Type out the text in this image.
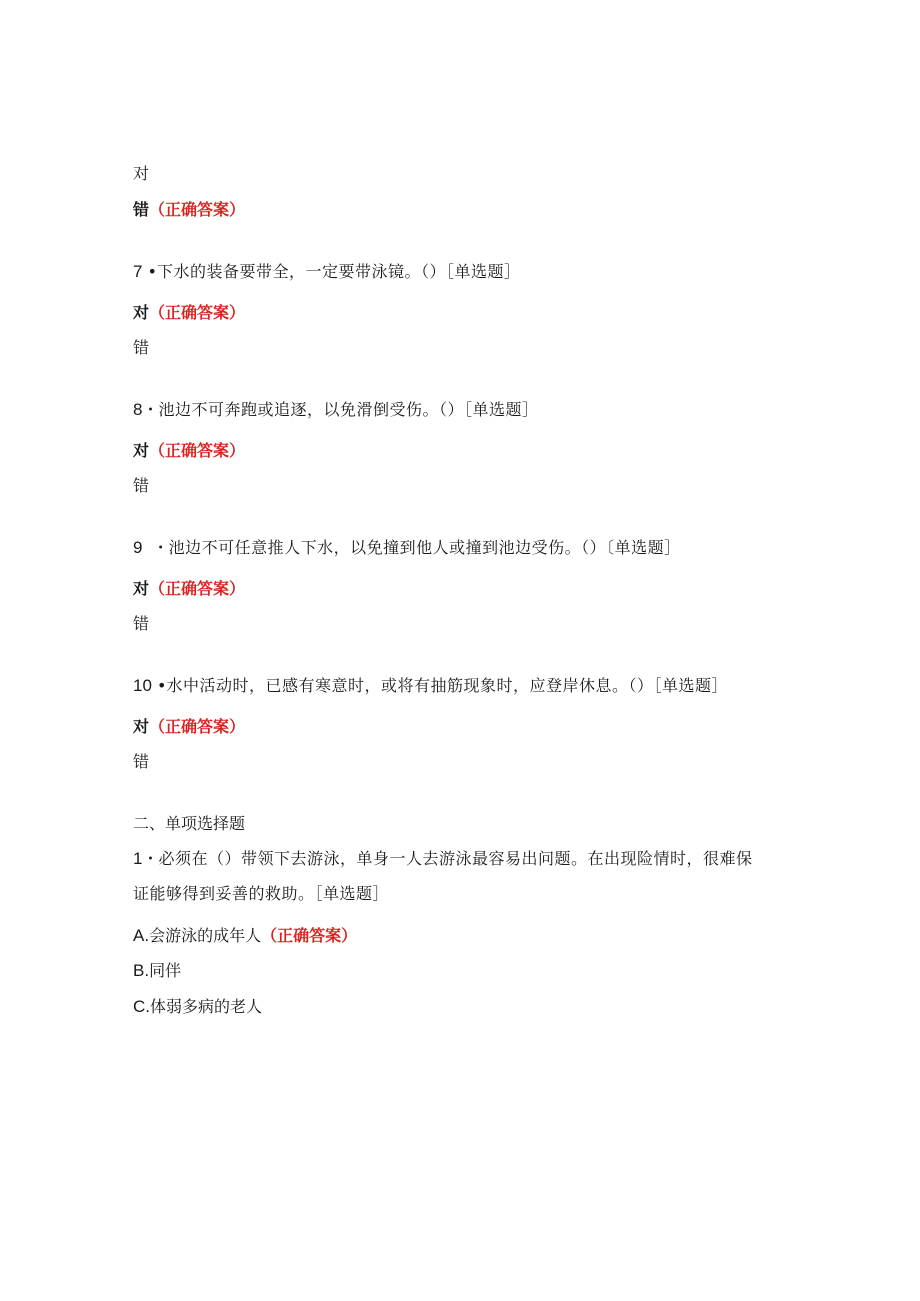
对
错（正确答案）
7 •下水的装备要带全，一定要带泳镜。（）［单选题］
对（正确答案）
错
8・池边不可奔跑或追逐，以免滑倒受伤。（）［单选题］
对（正确答案）
错
9  ・池边不可任意推人下水，以免撞到他人或撞到池边受伤。（）〔单选题］
对（正确答案）
错
10 •水中活动时，已感有寒意时，或将有抽筋现象时，应登岸休息。（）［单选题］
对（正确答案）
错
二、单项选择题
1・必须在（）带领下去游泳，单身一人去游泳最容易出问题。在出现险情时，很难保
证能够得到妥善的救助。［单选题］
A.会游泳的成年人（正确答案）
B.同伴
C.体弱多病的老人
